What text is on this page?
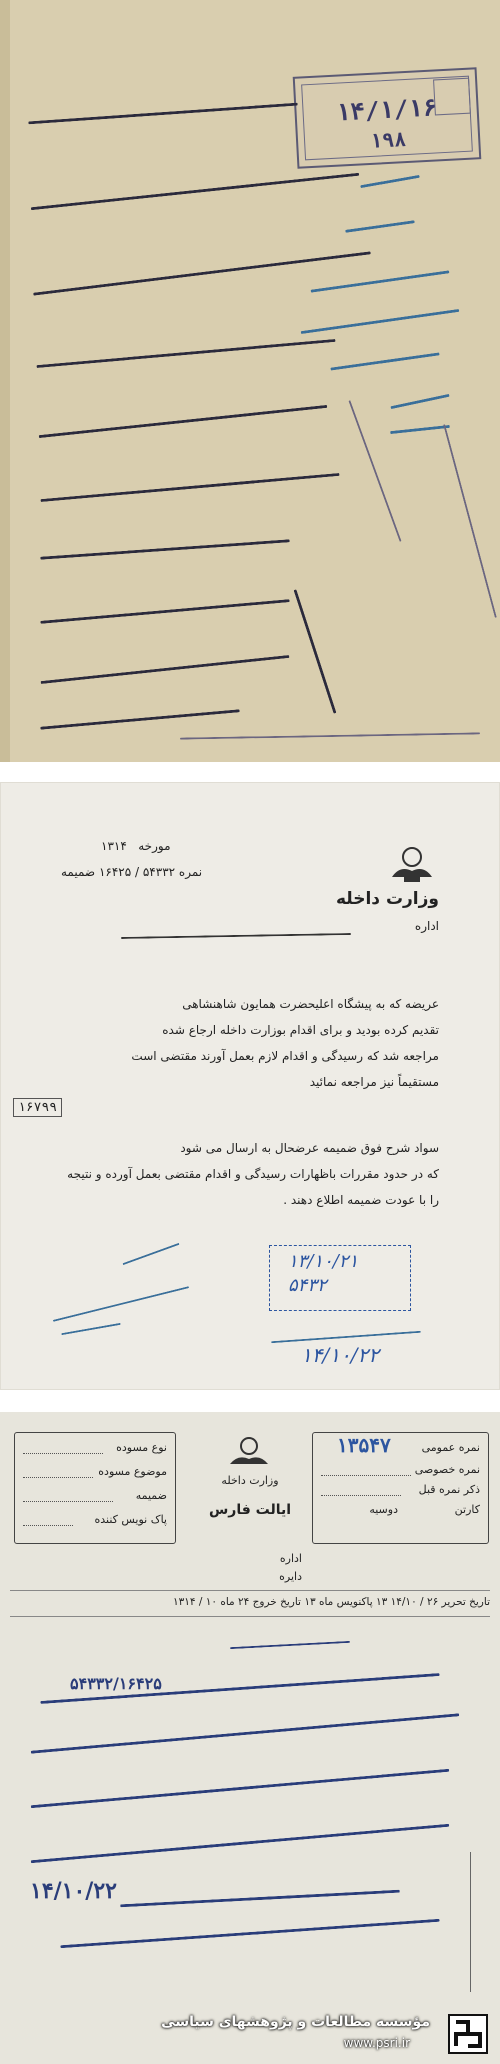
۱۴/۱/۱۶
۱۹۸
وزارت داخله
مورخه   ۱۳۱۴
نمره ۵۴۳۳۲ / ۱۶۴۲۵ ضمیمه
اداره
عریضه که به پیشگاه اعلیحضرت همایون شاهنشاهی
تقدیم کرده بودید و برای اقدام بوزارت داخله ارجاع شده
مراجعه شد که رسیدگی و اقدام لازم بعمل آورند مقتضی است
مستقیماً نیز مراجعه نمائید
۱۶۷۹۹
سواد شرح فوق ضمیمه عرضحال به ارسال می شود
که در حدود مقررات باظهارات رسیدگی و اقدام مقتضی بعمل آورده و نتیجه
را با عودت ضمیمه اطلاع دهند .
۱۳/۱۰/۲۱
۵۴۳۲
۱۴/۱۰/۲۲
نوع مسوده
موضوع مسوده
ضمیمه
پاک نویس کننده
وزارت داخله
ایالت فارس
نمره عمومی
۱۳۵۴۷
نمره خصوصی
ذکر نمره قبل
کارتن
دوسیه
اداره
دایره
تاریخ تحریر ۲۶ / ۱۴/۱۰ ۱۳ پاکنویس ماه ۱۳ تاریخ خروج ۲۴ ماه ۱۰ / ۱۳۱۴
۵۴۳۳۲/۱۶۴۲۵
۱۴/۱۰/۲۲
مؤسسه مطالعات و پژوهشهای سیاسی
www.psri.ir
